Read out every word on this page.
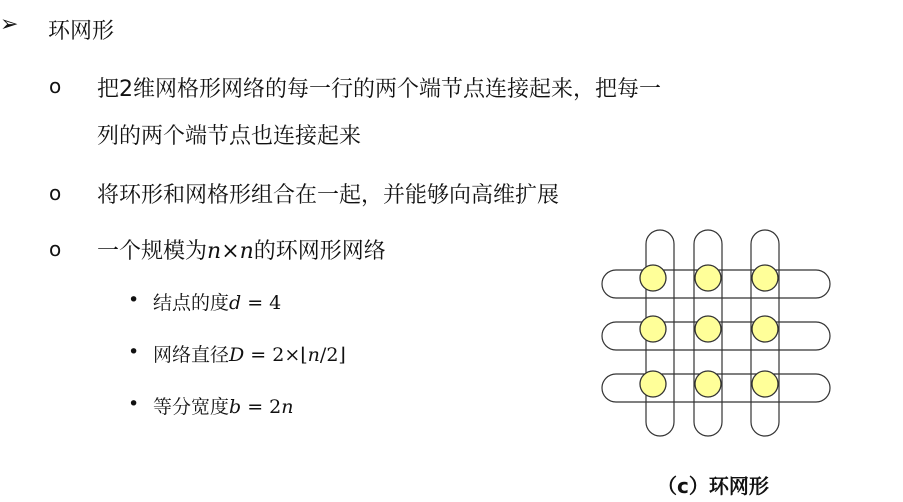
➢ 环网形
o 把2维网格形网络的每一行的两个端节点连接起来，把每一
列的两个端节点也连接起来
o 将环形和网格形组合在一起，并能够向高维扩展
o 一个规模为n×n的环网形网络
• 结点的度d = 4
• 网络直径D = 2×⌊n/2⌋
• 等分宽度b = 2n
（c）环网形
